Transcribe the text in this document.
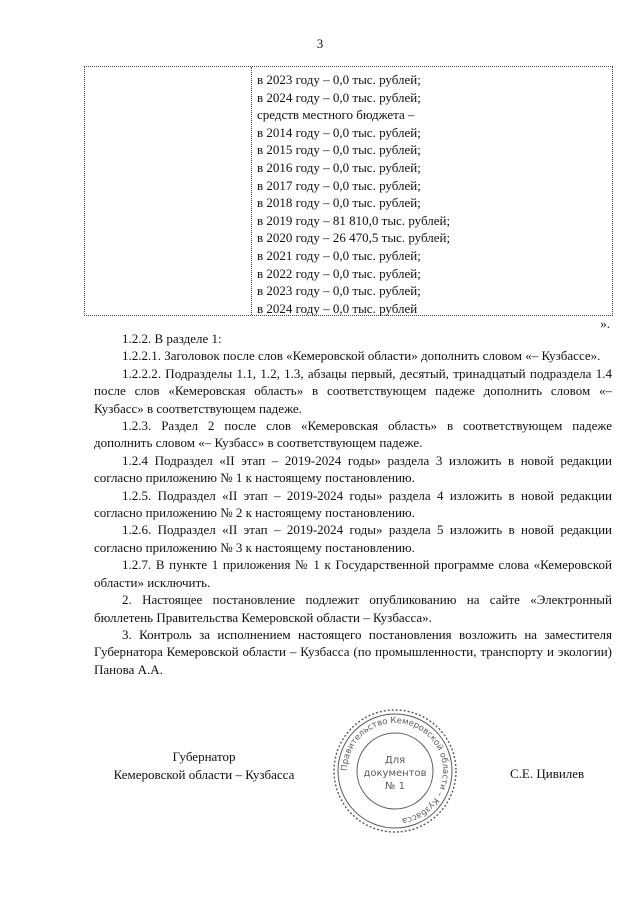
3
в 2023 году – 0,0 тыс. рублей;
в 2024 году – 0,0 тыс. рублей;
средств местного бюджета –
в 2014 году – 0,0 тыс. рублей;
в 2015 году – 0,0 тыс. рублей;
в 2016 году – 0,0 тыс. рублей;
в 2017 году – 0,0 тыс. рублей;
в 2018 году – 0,0 тыс. рублей;
в 2019 году – 81 810,0 тыс. рублей;
в 2020 году – 26 470,5 тыс. рублей;
в 2021 году – 0,0 тыс. рублей;
в 2022 году – 0,0 тыс. рублей;
в 2023 году – 0,0 тыс. рублей;
в 2024 году – 0,0 тыс. рублей
».

1.2.2. В разделе 1:

1.2.2.1. Заголовок после слов «Кемеровской области» дополнить словом «– Кузбассе».

1.2.2.2. Подразделы 1.1, 1.2, 1.3, абзацы первый, десятый, тринадцатый подраздела 1.4 после слов «Кемеровская область» в соответствующем падеже дополнить словом «– Кузбасс» в соответствующем падеже.

1.2.3. Раздел 2 после слов «Кемеровская область» в соответствующем падеже дополнить словом «– Кузбасс» в соответствующем падеже.

1.2.4 Подраздел «II этап – 2019-2024 годы» раздела 3 изложить в новой редакции согласно приложению № 1 к настоящему постановлению.

1.2.5. Подраздел «II этап – 2019-2024 годы» раздела 4 изложить в новой редакции согласно приложению № 2 к настоящему постановлению.

1.2.6. Подраздел «II этап – 2019-2024 годы» раздела 5 изложить в новой редакции согласно приложению № 3 к настоящему постановлению.

1.2.7. В пункте 1 приложения № 1 к Государственной программе слова «Кемеровской области» исключить.

2. Настоящее постановление подлежит опубликованию на сайте «Электронный бюллетень Правительства Кемеровской области – Кузбасса».

3. Контроль за исполнением настоящего постановления возложить на заместителя Губернатора Кемеровской области – Кузбасса (по промышленности, транспорту и экологии) Панова А.А.

Губернатор
Кемеровской области – Кузбасса	Правительство Кемеровской области – Кузбасса
Для
документов
№ 1
С.Е. Цивилев
